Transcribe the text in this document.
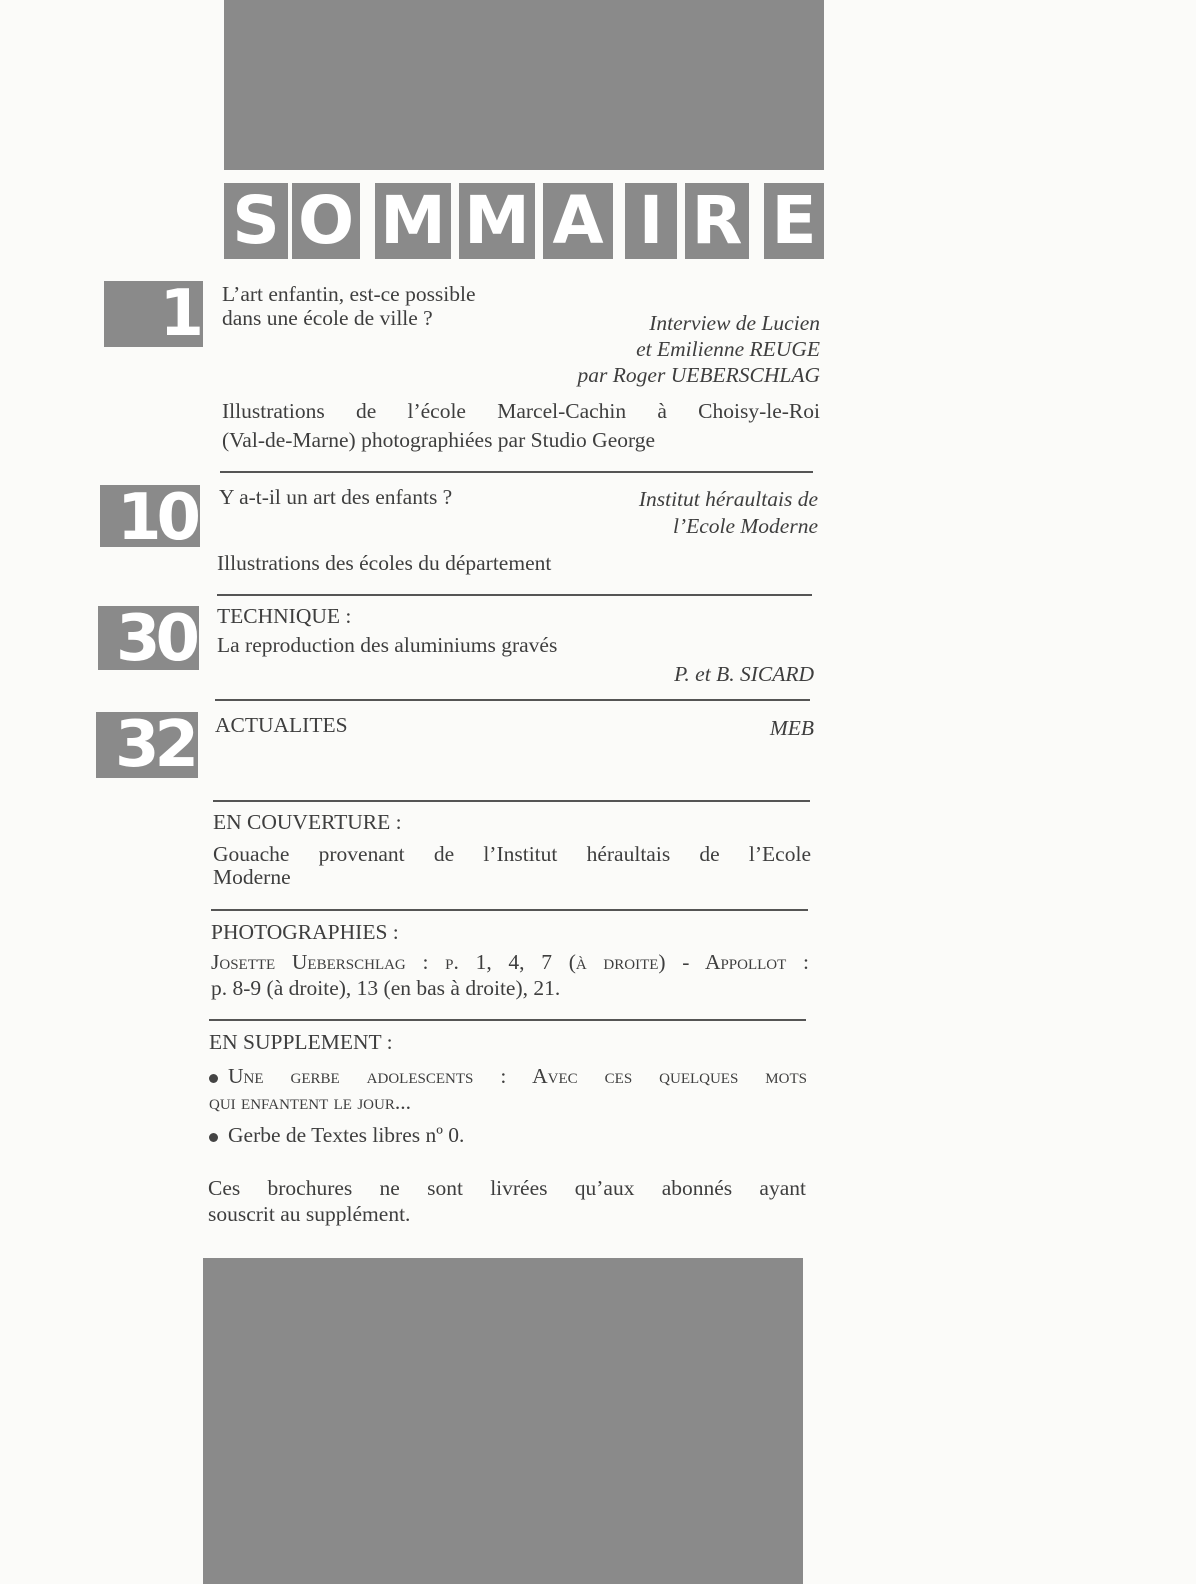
S O M M A I R E
1 L’art enfantin, est-ce possible
dans une école de ville ?	Interview de Lucien
et Emilienne REUGE
par Roger UEBERSCHLAG
Illustrations de l’école Marcel-Cachin à Choisy-le-Roi
(Val-de-Marne) photographiées par Studio George
10 Y a-t-il un art des enfants ?	Institut héraultais de
l’Ecole Moderne
Illustrations des écoles du département
30 TECHNIQUE :
La reproduction des aluminiums gravés
P. et B. SICARD
32 ACTUALITES	MEB
EN COUVERTURE :
Gouache provenant de l’Institut héraultais de l’Ecole
Moderne
PHOTOGRAPHIES :
Josette Ueberschlag : p. 1, 4, 7 (à droite) - Appollot :
p. 8-9 (à droite), 13 (en bas à droite), 21.
EN SUPPLEMENT :
Une gerbe adolescents : Avec ces quelques mots
qui enfantent le jour...
Gerbe de Textes libres nº 0.
Ces brochures ne sont livrées qu’aux abonnés ayant
souscrit au supplément.
